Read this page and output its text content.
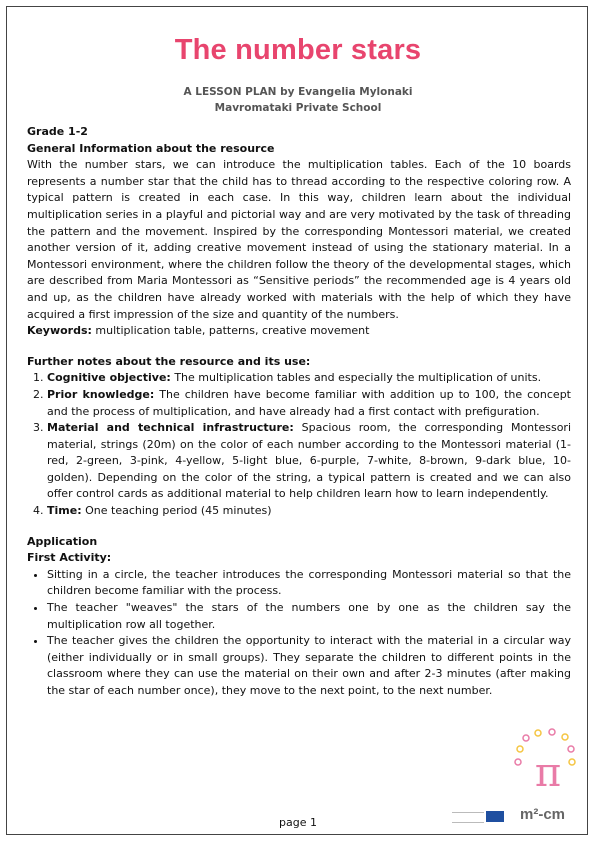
The number stars
A LESSON PLAN by Evangelia Mylonaki
Mavromataki Private School
Grade 1-2
General Information about the resource

With the number stars, we can introduce the multiplication tables. Each of the 10 boards represents a number star that the child has to thread according to the respective coloring row. A typical pattern is created in each case. In this way, children learn about the individual multiplication series in a playful and pictorial way and are very motivated by the task of threading the pattern and the movement. Inspired by the corresponding Montessori material, we created another version of it, adding creative movement instead of using the stationary material. In a Montessori environment, where the children follow the theory of the developmental stages, which are described from Maria Montessori as “Sensitive periods” the recommended age is 4 years old and up, as the children have already worked with materials with the help of which they have acquired a first impression of the size and quantity of the numbers.

Keywords: multiplication table, patterns, creative movement

Further notes about the resource and its use:
1. Cognitive objective: The multiplication tables and especially the multiplication of units.
2. Prior knowledge: The children have become familiar with addition up to 100, the concept and the process of multiplication, and have already had a first contact with prefiguration.
3. Material and technical infrastructure: Spacious room, the corresponding Montessori material, strings (20m) on the color of each number according to the Montessori material (1-red, 2-green, 3-pink, 4-yellow, 5-light blue, 6-purple, 7-white, 8-brown, 9-dark blue, 10-golden). Depending on the color of the string, a typical pattern is created and we can also offer control cards as additional material to help children learn how to learn independently.
4. Time: One teaching period (45 minutes)
Application
First Activity:
• Sitting in a circle, the teacher introduces the corresponding Montessori material so that the children become familiar with the process.
• The teacher "weaves" the stars of the numbers one by one as the children say the multiplication row all together.
• The teacher gives the children the opportunity to interact with the material in a circular way (either individually or in small groups). They separate the children to different points in the classroom where they can use the material on their own and after 2-3 minutes (after making the star of each number once), they move to the next point, to the next number.
π
m²-cm
page 1
